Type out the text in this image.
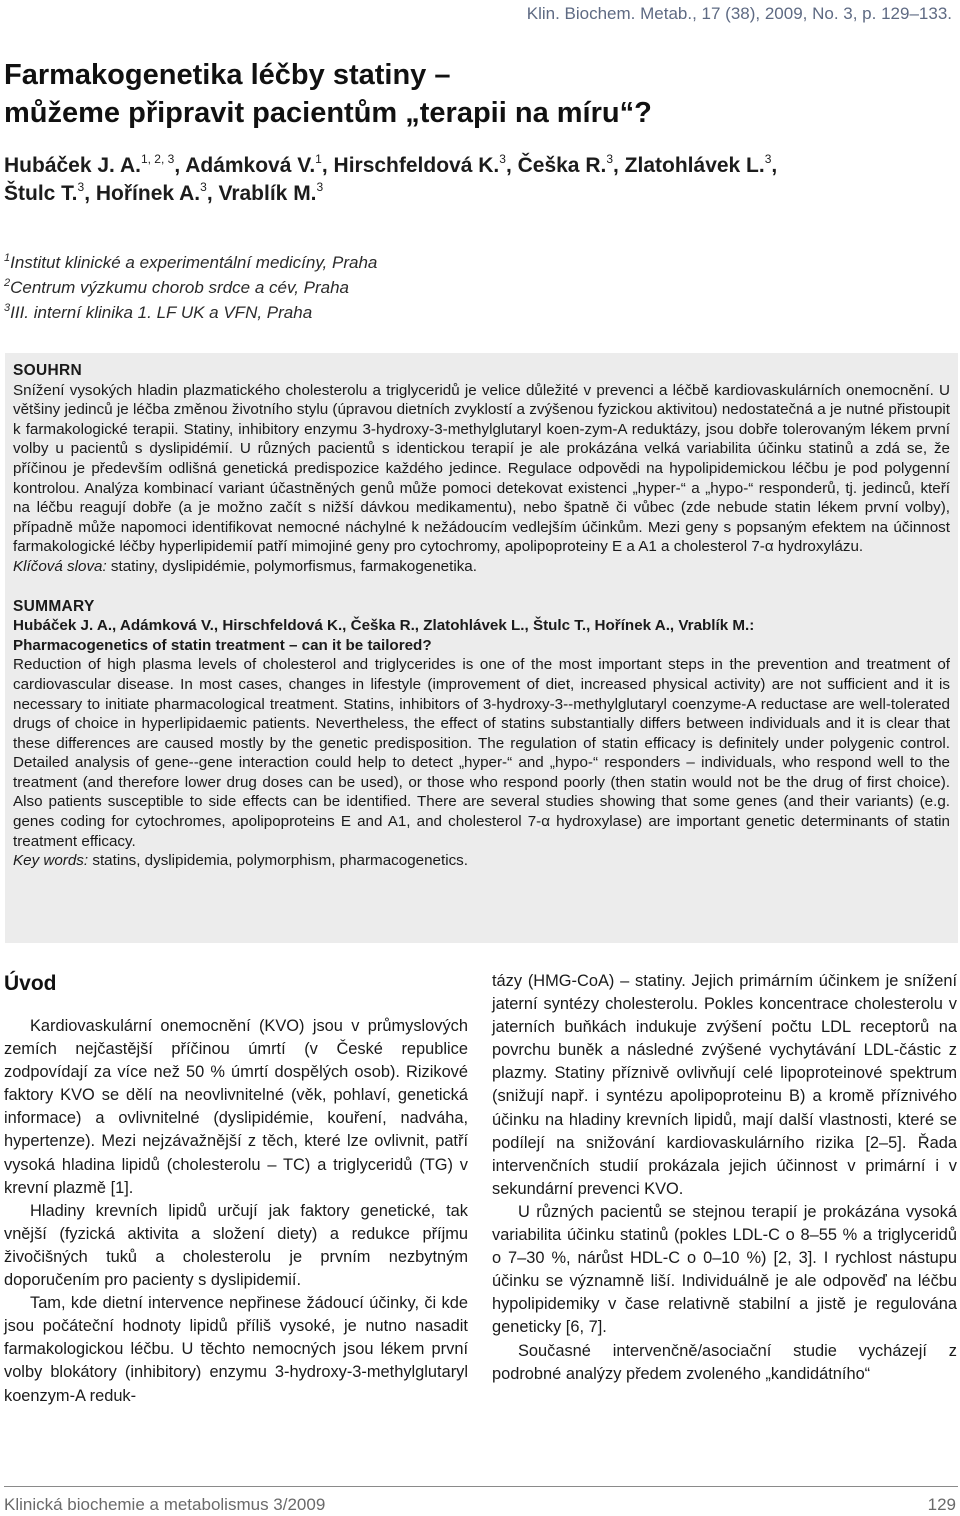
Klin. Biochem. Metab., 17 (38), 2009, No. 3, p. 129–133.
Farmakogenetika léčby statiny –
můžeme připravit pacientům „terapii na míru“?
Hubáček J. A.$^{1, 2, 3}$, Adámková V.$^1$, Hirschfeldová K.$^3$, Češka R.$^3$, Zlatohlávek L.$^3$,
Štulc T.$^3$, Hořínek A.$^3$, Vrablík M.$^3$
$^1$Institut klinické a experimentální medicíny, Praha
$^2$Centrum výzkumu chorob srdce a cév, Praha
$^3$III. interní klinika 1. LF UK a VFN, Praha
SOUHRN

Snížení vysokých hladin plazmatického cholesterolu a triglyceridů je velice důležité v prevenci a léčbě kardiovaskulárních onemocnění. U většiny jedinců je léčba změnou životního stylu (úpravou dietních zvyklostí a zvýšenou fyzickou aktivitou) nedostatečná a je nutné přistoupit k farmakologické terapii. Statiny, inhibitory enzymu 3-hydroxy-3-methylglutaryl koen-zym-A reduktázy, jsou dobře tolerovaným lékem první volby u pacientů s dyslipidémií. U různých pacientů s identickou terapií je ale prokázána velká variabilita účinku statinů a zdá se, že příčinou je především odlišná genetická predispozice každého jedince. Regulace odpovědi na hypolipidemickou léčbu je pod polygenní kontrolou. Analýza kombinací variant účastněných genů může pomoci detekovat existenci „hyper-“ a „hypo-“ responderů, tj. jedinců, kteří na léčbu reagují dobře (a je možno začít s nižší dávkou medikamentu), nebo špatně či vůbec (zde nebude statin lékem první volby), případně může napomoci identifikovat nemocné náchylné k nežádoucím vedlejším účinkům. Mezi geny s popsaným efektem na účinnost farmakologické léčby hyperlipidemií patří mimojiné geny pro cytochromy, apolipoproteiny E a A1 a cholesterol 7-α hydroxylázu.

Klíčová slova: statiny, dyslipidémie, polymorfismus, farmakogenetika.
SUMMARY
Hubáček J. A., Adámková V., Hirschfeldová K., Češka R., Zlatohlávek L., Štulc T., Hořínek A., Vrablík M.:
Pharmacogenetics of statin treatment – can it be tailored?

Reduction of high plasma levels of cholesterol and triglycerides is one of the most important steps in the prevention and treatment of cardiovascular disease. In most cases, changes in lifestyle (improvement of diet, increased physical activity) are not sufficient and it is necessary to initiate pharmacological treatment. Statins, inhibitors of 3-hydroxy-3--methylglutaryl coenzyme-A reductase are well-tolerated drugs of choice in hyperlipidaemic patients. Nevertheless, the effect of statins substantially differs between individuals and it is clear that these differences are caused mostly by the genetic predisposition. The regulation of statin efficacy is definitely under polygenic control. Detailed analysis of gene--gene interaction could help to detect „hyper-“ and „hypo-“ responders – individuals, who respond well to the treatment (and therefore lower drug doses can be used), or those who respond poorly (then statin would not be the drug of first choice). Also patients susceptible to side effects can be identified. There are several studies showing that some genes (and their variants) (e.g. genes coding for cytochromes, apolipoproteins E and A1, and cholesterol 7-α hydroxylase) are important genetic determinants of statin treatment efficacy.

Key words: statins, dyslipidemia, polymorphism, pharmacogenetics.
Úvod

Kardiovaskulární onemocnění (KVO) jsou v průmyslových zemích nejčastější příčinou úmrtí (v České republice zodpovídají za více než 50 % úmrtí dospělých osob). Rizikové faktory KVO se dělí na neovlivnitelné (věk, pohlaví, genetická informace) a ovlivnitelné (dyslipidémie, kouření, nadváha, hypertenze). Mezi nejzávažnější z těch, které lze ovlivnit, patří vysoká hladina lipidů (cholesterolu – TC) a triglyceridů (TG) v krevní plazmě [1].

Hladiny krevních lipidů určují jak faktory genetické, tak vnější (fyzická aktivita a složení diety) a redukce příjmu živočišných tuků a cholesterolu je prvním nezbytným doporučením pro pacienty s dyslipidemií.

Tam, kde dietní intervence nepřinese žádoucí účinky, či kde jsou počáteční hodnoty lipidů příliš vysoké, je nutno nasadit farmakologickou léčbu. U těchto nemocných jsou lékem první volby blokátory (inhibitory) enzymu 3-hydroxy-3-methylglutaryl koenzym-A reduk-

tázy (HMG-CoA) – statiny. Jejich primárním účinkem je snížení jaterní syntézy cholesterolu. Pokles koncentrace cholesterolu v jaterních buňkách indukuje zvýšení počtu LDL receptorů na povrchu buněk a následné zvýšené vychytávání LDL-částic z plazmy. Statiny příznivě ovlivňují celé lipoproteinové spektrum (snižují např. i syntézu apolipoproteinu B) a kromě příznivého účinku na hladiny krevních lipidů, mají další vlastnosti, které se podílejí na snižování kardiovaskulárního rizika [2–5]. Řada intervenčních studií prokázala jejich účinnost v primární i v sekundární prevenci KVO.

U různých pacientů se stejnou terapií je prokázána vysoká variabilita účinku statinů (pokles LDL-C o 8–55 % a triglyceridů o 7–30 %, nárůst HDL-C o 0–10 %) [2, 3]. I rychlost nástupu účinku se významně liší. Individuálně je ale odpověď na léčbu hypolipidemiky v čase relativně stabilní a jistě je regulována geneticky [6, 7].

Současné intervenčně/asociační studie vycházejí z podrobné analýzy předem zvoleného „kandidátního“

Klinická biochemie a metabolismus 3/2009	129
